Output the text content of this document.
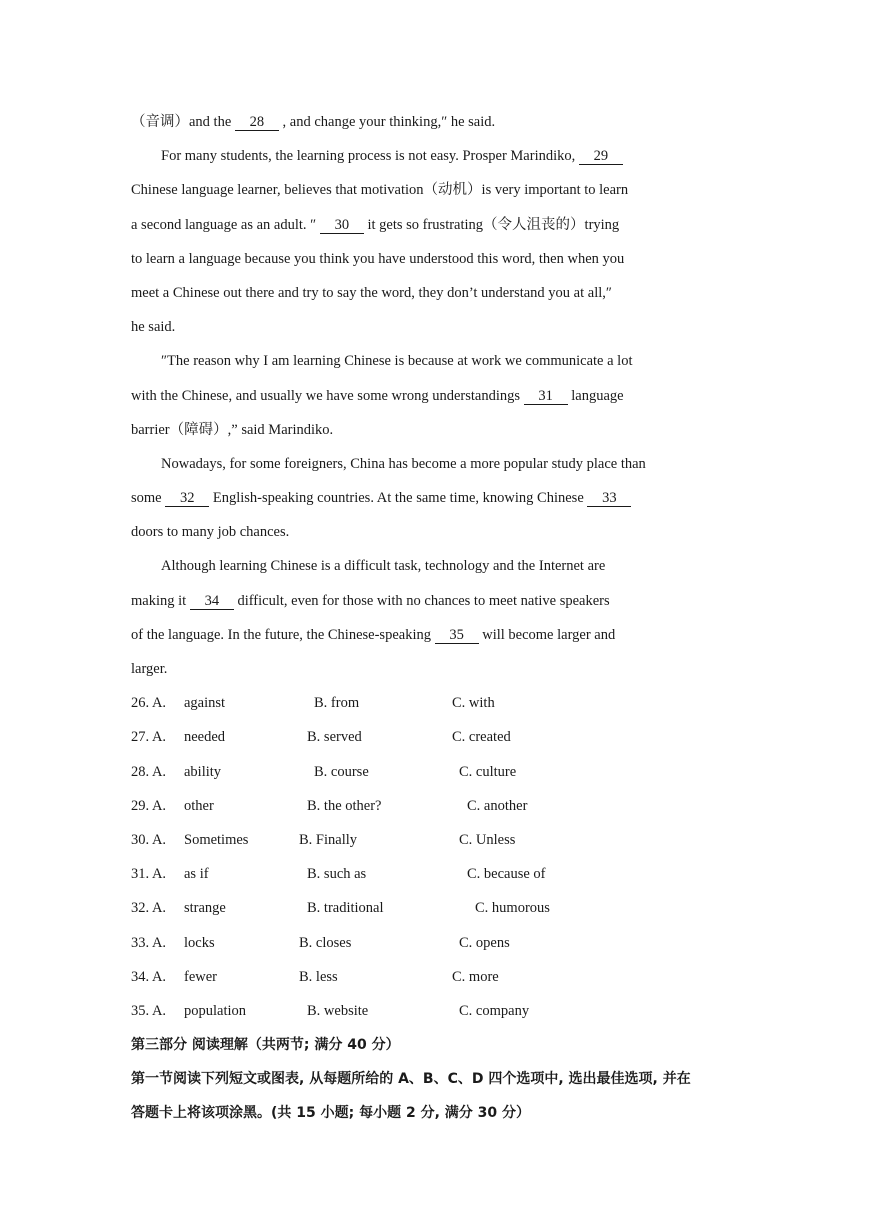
（音调）and the 28 , and change your thinking,″ he said.
For many students, the learning process is not easy. Prosper Marindiko, 29
Chinese language learner, believes that motivation（动机）is very important to learn
a second language as an adult. ″ 30 it gets so frustrating（令人沮丧的）trying
to learn a language because you think you have understood this word, then when you
meet a Chinese out there and try to say the word, they don’t understand you at all,″
he said.
″The reason why I am learning Chinese is because at work we communicate a lot
with the Chinese, and usually we have some wrong understandings 31 language
barrier（障碍）,” said Marindiko.
Nowadays, for some foreigners, China has become a more popular study place than
some 32 English-speaking countries. At the same time, knowing Chinese 33
doors to many job chances.
Although learning Chinese is a difficult task, technology and the Internet are
making it 34 difficult, even for those with no chances to meet native speakers
of the language. In the future, the Chinese-speaking 35 will become larger and
larger.
26. A. against	B. from	C. with
27. A. needed	B. served	C. created
28. A. ability	B. course	C. culture
29. A. other	B. the other?	C. another
30. A. Sometimes	B. Finally	C. Unless
31. A. as if	B. such as	C. because of
32. A. strange	B. traditional	C. humorous
33. A. locks	B. closes	C. opens
34. A. fewer	B. less	C. more
35. A. population	B. website	C. company
第三部分 阅读理解（共两节; 满分 40 分）
第一节阅读下列短文或图表, 从每题所给的 A、B、C、D 四个选项中, 选出最佳选项, 并在
答题卡上将该项涂黑。(共 15 小题; 每小题 2 分, 满分 30 分）
